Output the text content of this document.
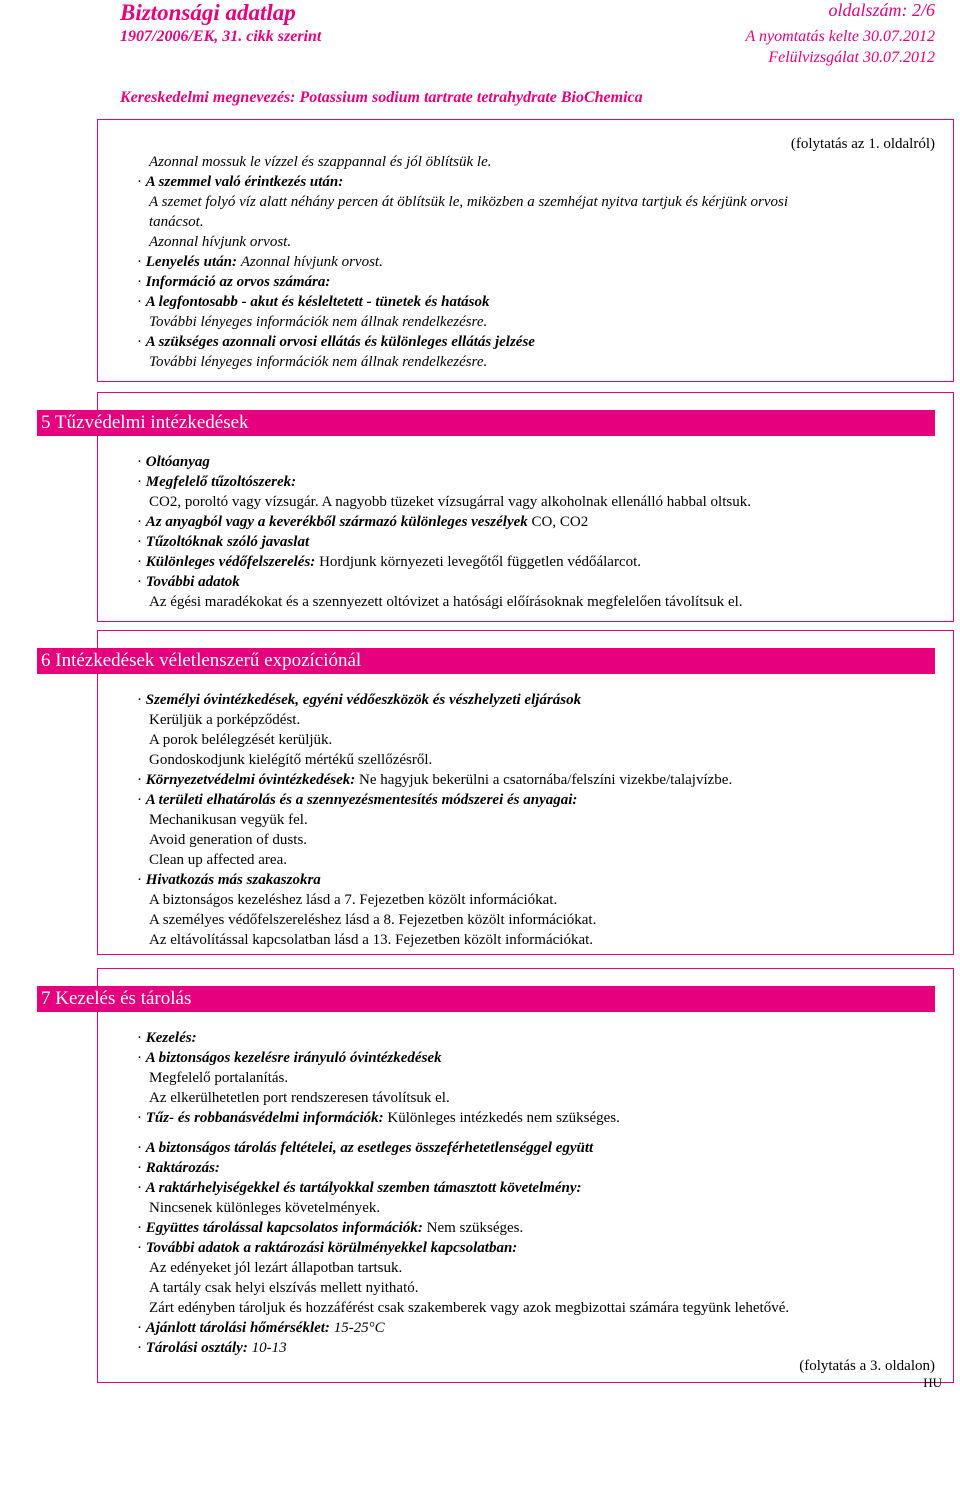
Biztonsági adatlap	oldalszám: 2/6
1907/2006/EK, 31. cikk szerint	A nyomtatás kelte 30.07.2012
Felülvizsgálat 30.07.2012
Kereskedelmi megnevezés: Potassium sodium tartrate tetrahydrate BioChemica
(folytatás az 1. oldalról)
Azonnal mossuk le vízzel és szappannal és jól öblítsük le.
· A szemmel való érintkezés után:
A szemet folyó víz alatt néhány percen át öblítsük le, miközben a szemhéjat nyitva tartjuk és kérjünk orvosi
tanácsot.
Azonnal hívjunk orvost.
· Lenyelés után: Azonnal hívjunk orvost.
· Információ az orvos számára:
· A legfontosabb - akut és késleltetett - tünetek és hatások
További lényeges információk nem állnak rendelkezésre.
· A szükséges azonnali orvosi ellátás és különleges ellátás jelzése
További lényeges információk nem állnak rendelkezésre.
5 Tűzvédelmi intézkedések
· Oltóanyag
· Megfelelő tűzoltószerek:
CO2, poroltó vagy vízsugár. A nagyobb tüzeket vízsugárral vagy alkoholnak ellenálló habbal oltsuk.
· Az anyagból vagy a keverékből származó különleges veszélyek CO, CO2
· Tűzoltóknak szóló javaslat
· Különleges védőfelszerelés: Hordjunk környezeti levegőtől független védőálarcot.
· További adatok
Az égési maradékokat és a szennyezett oltóvizet a hatósági előírásoknak megfelelően távolítsuk el.
6 Intézkedések véletlenszerű expozíciónál
· Személyi óvintézkedések, egyéni védőeszközök és vészhelyzeti eljárások
Kerüljük a porképződést.
A porok belélegzését kerüljük.
Gondoskodjunk kielégítő mértékű szellőzésről.
· Környezetvédelmi óvintézkedések: Ne hagyjuk bekerülni a csatornába/felszíni vizekbe/talajvízbe.
· A területi elhatárolás és a szennyezésmentesítés módszerei és anyagai:
Mechanikusan vegyük fel.
Avoid generation of dusts.
Clean up affected area.
· Hivatkozás más szakaszokra
A biztonságos kezeléshez lásd a 7. Fejezetben közölt információkat.
A személyes védőfelszereléshez lásd a 8. Fejezetben közölt információkat.
Az eltávolítással kapcsolatban lásd a 13. Fejezetben közölt információkat.
7 Kezelés és tárolás
· Kezelés:
· A biztonságos kezelésre irányuló óvintézkedések
Megfelelő portalanítás.
Az elkerülhetetlen port rendszeresen távolítsuk el.
· Tűz- és robbanásvédelmi információk: Különleges intézkedés nem szükséges.
· A biztonságos tárolás feltételei, az esetleges összeférhetetlenséggel együtt
· Raktározás:
· A raktárhelyiségekkel és tartályokkal szemben támasztott követelmény:
Nincsenek különleges követelmények.
· Együttes tárolással kapcsolatos információk: Nem szükséges.
· További adatok a raktározási körülményekkel kapcsolatban:
Az edényeket jól lezárt állapotban tartsuk.
A tartály csak helyi elszívás mellett nyitható.
Zárt edényben tároljuk és hozzáférést csak szakemberek vagy azok megbizottai számára tegyünk lehetővé.
· Ajánlott tárolási hőmérséklet: 15-25°C
· Tárolási osztály: 10-13
(folytatás a 3. oldalon)
HU
